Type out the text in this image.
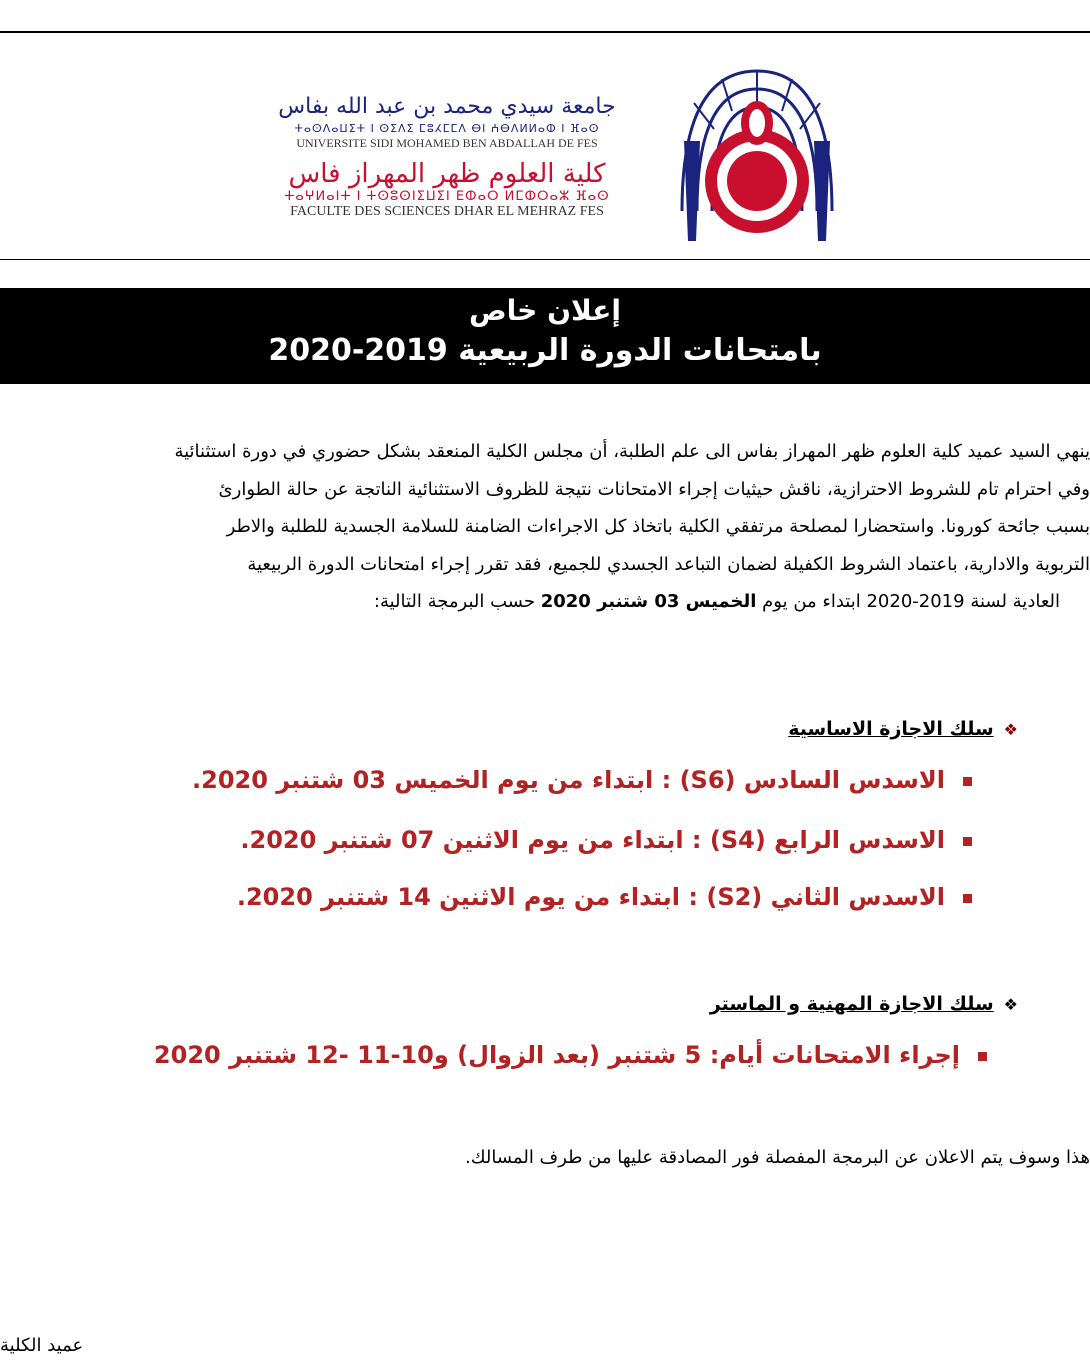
جامعة سيدي محمد بن عبد الله بفاس
ⵜⴰⵙⴷⴰⵡⵉⵜ ⵏ ⵙⵉⴷⵉ ⵎⵓⵃⵎⵎⴷ ⴱⵏ ⵄⴱⴷⵍⵍⴰⵀ ⵏ ⴼⴰⵙ
UNIVERSITE SIDI MOHAMED BEN ABDALLAH DE FES
كلية العلوم ظهر المهراز فاس
ⵜⴰⵖⵍⴰⵏⵜ ⵏ ⵜⵙⵓⵙⵏⵉⵡⵉⵏ ⴹⵀⴰⵔ ⵍⵎⵀⵔⴰⵣ ⴼⴰⵙ
FACULTE DES SCIENCES DHAR EL MEHRAZ FES
إعلان خاص
بامتحانات الدورة الربيعية 2019-2020
ينهي السيد عميد كلية العلوم ظهر المهراز بفاس الى علم الطلبة، أن مجلس الكلية المنعقد بشكل حضوري في دورة استثنائية
وفي احترام تام للشروط الاحترازية، ناقش حيثيات إجراء الامتحانات نتيجة للظروف الاستثنائية الناتجة عن حالة الطوارئ
بسبب جائحة كورونا. واستحضارا لمصلحة مرتفقي الكلية باتخاذ كل الاجراءات الضامنة للسلامة الجسدية للطلبة والاطر
التربوية والادارية، باعتماد الشروط الكفيلة لضمان التباعد الجسدي للجميع، فقد تقرر إجراء امتحانات الدورة الربيعية
العادية لسنة 2019-2020 ابتداء من يوم الخميس 03 شتنبر 2020 حسب البرمجة التالية:
❖سلك الاجازة الاساسية
الاسدس السادس (S6) : ابتداء من يوم الخميس 03 شتنبر 2020.
الاسدس الرابع (S4) : ابتداء من يوم الاثنين 07 شتنبر 2020.
الاسدس الثاني (S2) : ابتداء من يوم الاثنين 14 شتنبر 2020.
❖سلك الاجازة المهنية و الماستر
إجراء الامتحانات أيام: 5 شتنبر (بعد الزوال) و10-11 -12 شتنبر 2020
هذا وسوف يتم الاعلان عن البرمجة المفصلة فور المصادقة عليها من طرف المسالك.
عميد الكلية
